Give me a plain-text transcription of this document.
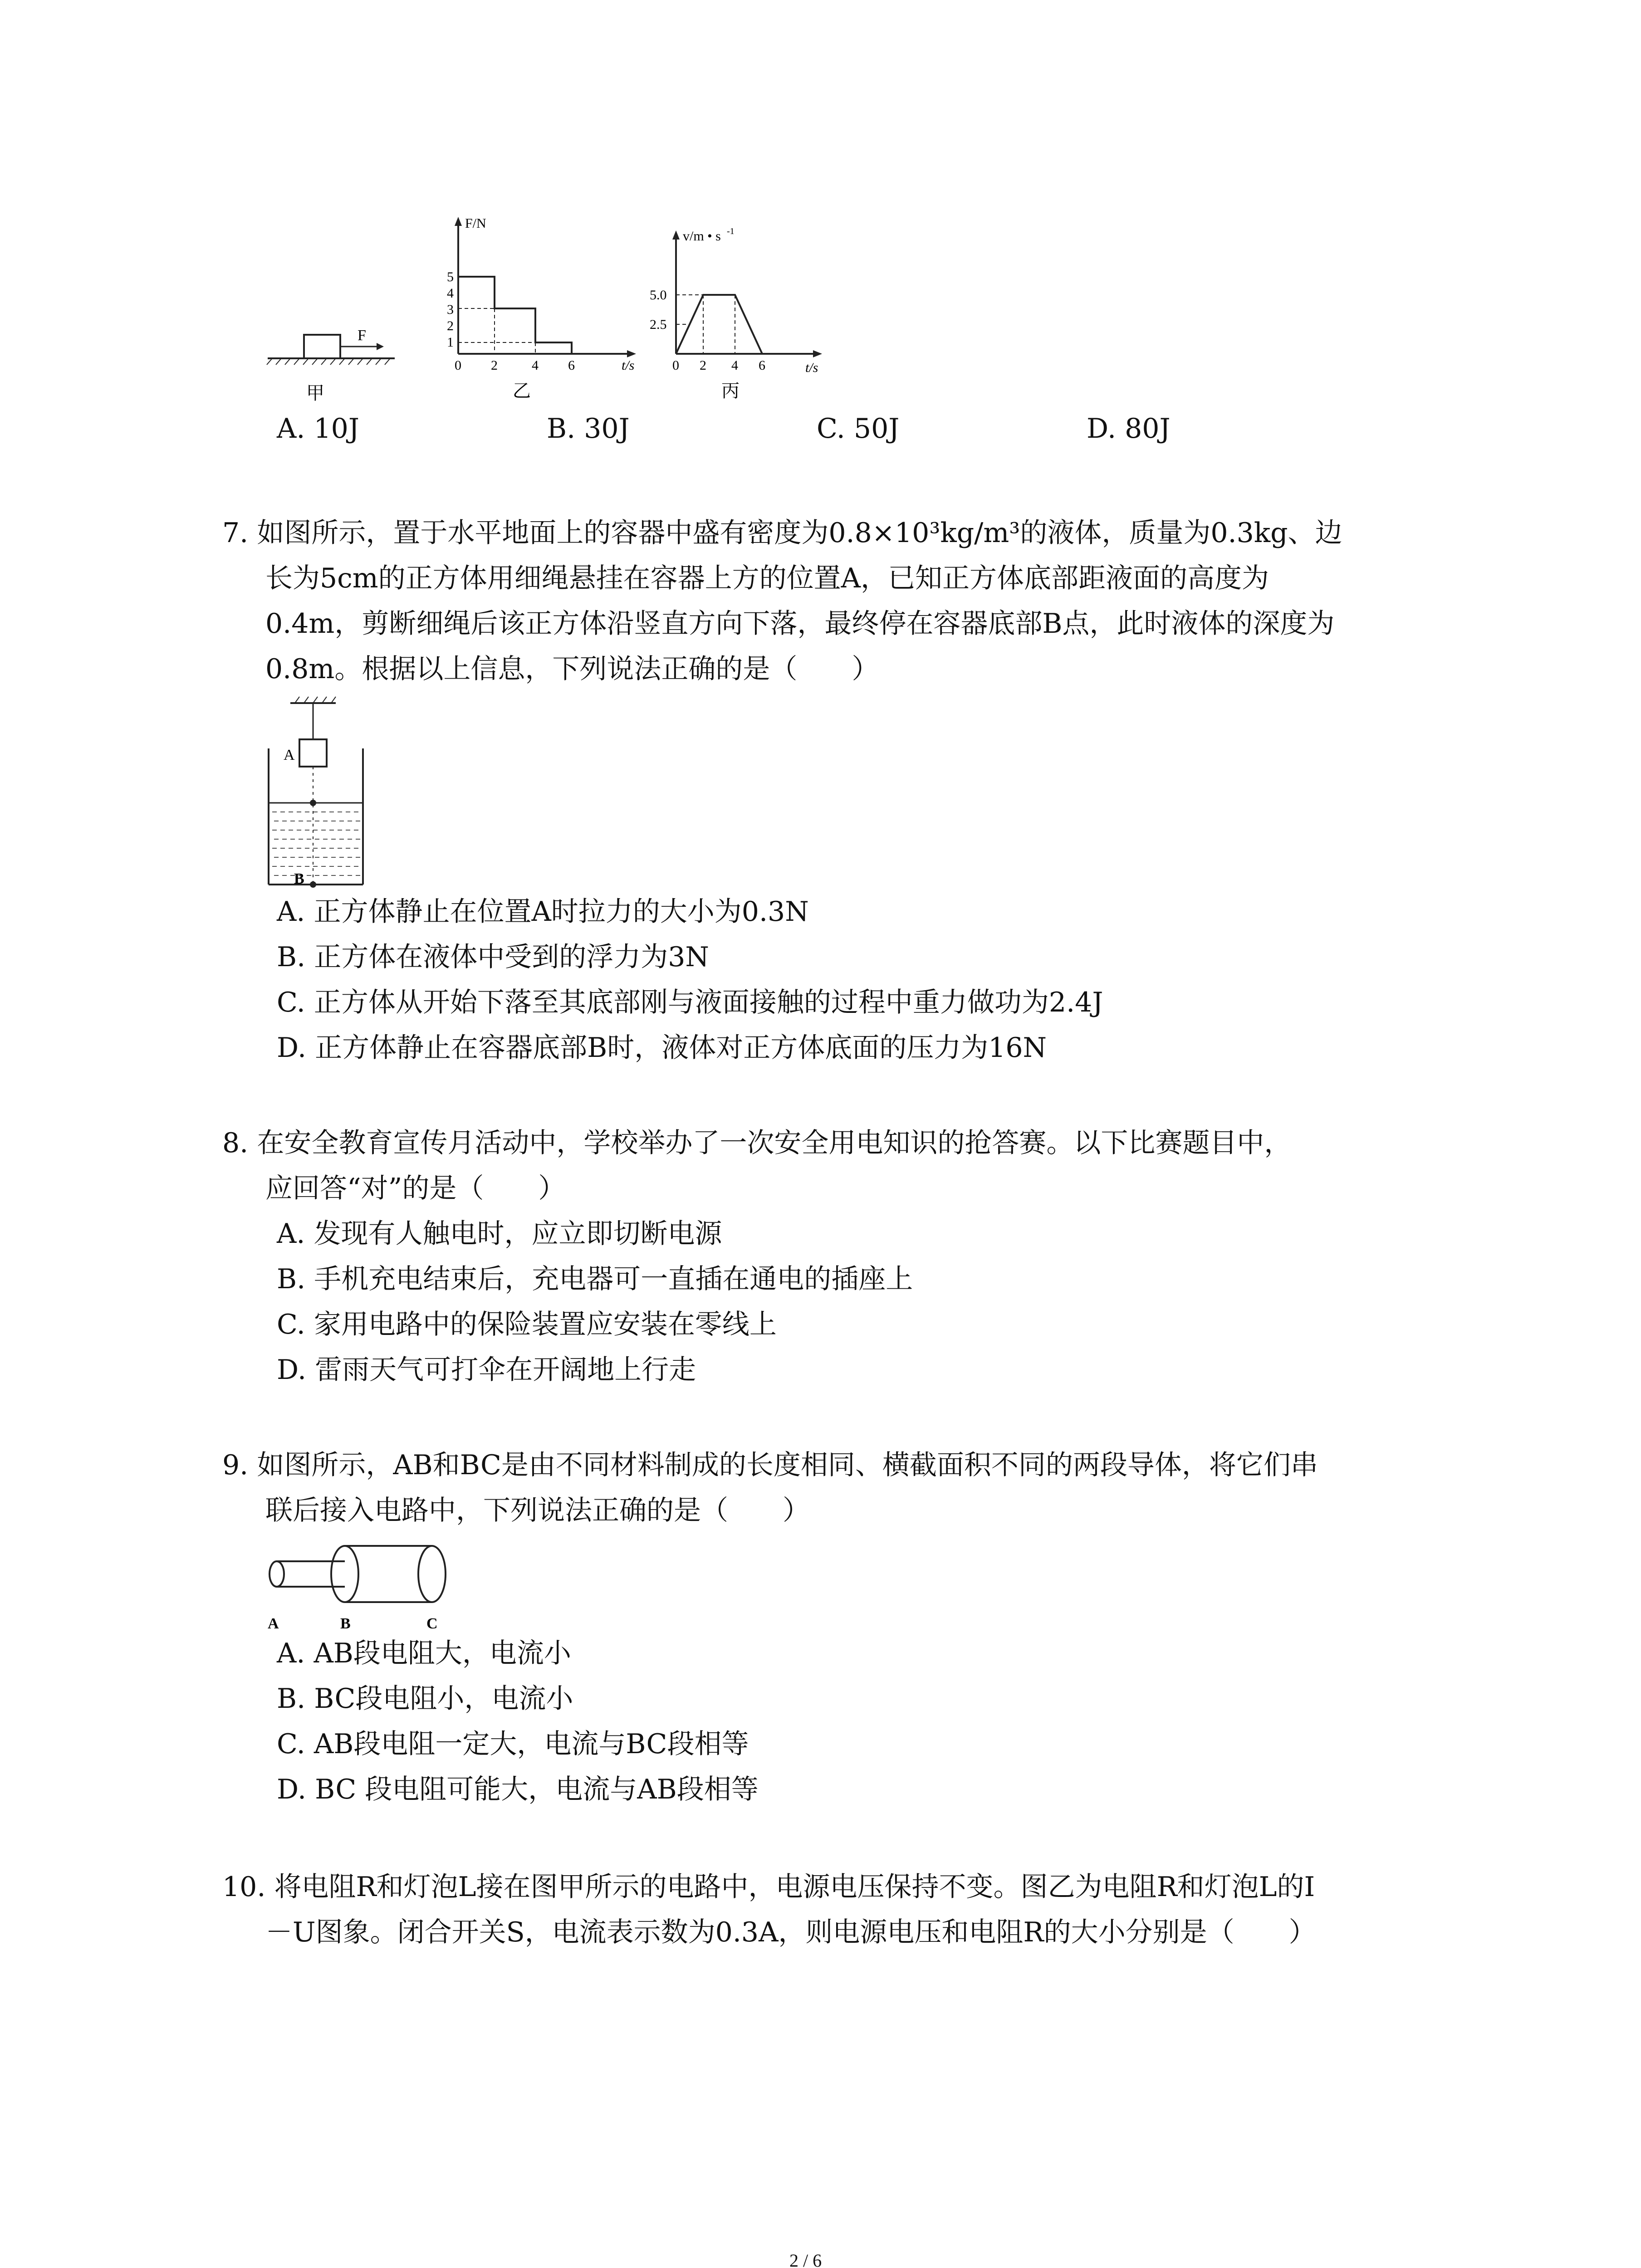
F
甲
F/N
5
4
3
2
1
0 2	4 6	t/s
乙
v/m • s -1
5.0
2.5
0 2 4 6	t/s
丙
A. 10J	B. 30J	C. 50J	D. 80J
7. 如图所示，置于水平地面上的容器中盛有密度为0.8×10³kg/m³的液体，质量为0.3kg、边
长为5cm的正方体用细绳悬挂在容器上方的位置A，已知正方体底部距液面的高度为
0.4m，剪断细绳后该正方体沿竖直方向下落，最终停在容器底部B点，此时液体的深度为
0.8m。根据以上信息，下列说法正确的是（　　）
A
B
A. 正方体静止在位置A时拉力的大小为0.3N
B. 正方体在液体中受到的浮力为3N
C. 正方体从开始下落至其底部刚与液面接触的过程中重力做功为2.4J
D. 正方体静止在容器底部B时，液体对正方体底面的压力为16N
8. 在安全教育宣传月活动中，学校举办了一次安全用电知识的抢答赛。以下比赛题目中，
应回答“对”的是（　　）
A. 发现有人触电时，应立即切断电源
B. 手机充电结束后，充电器可一直插在通电的插座上
C. 家用电路中的保险装置应安装在零线上
D. 雷雨天气可打伞在开阔地上行走
9. 如图所示，AB和BC是由不同材料制成的长度相同、横截面积不同的两段导体，将它们串
联后接入电路中，下列说法正确的是（　　）
A	B	C
A. AB段电阻大，电流小
B. BC段电阻小，电流小
C. AB段电阻一定大，电流与BC段相等
D. BC 段电阻可能大，电流与AB段相等
10. 将电阻R和灯泡L接在图甲所示的电路中，电源电压保持不变。图乙为电阻R和灯泡L的I
－U图象。闭合开关S，电流表示数为0.3A，则电源电压和电阻R的大小分别是（　　）
2 / 6
